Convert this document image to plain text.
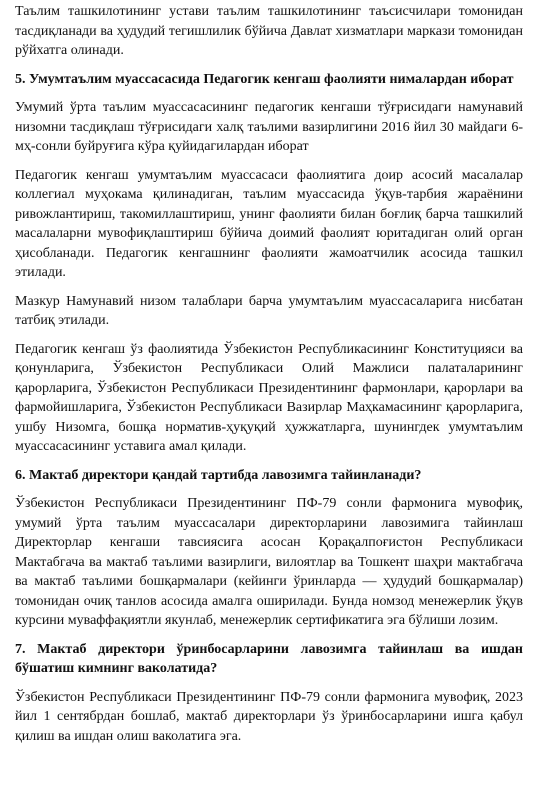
Таълим ташкилотининг устави таълим ташкилотининг таъсисчилари томонидан тасдиқланади ва ҳудудий тегишлилик бўйича Давлат хизматлари маркази томонидан рўйхатга олинади.

5. Умумтаълим муассасасида Педагогик кенгаш фаолияти нималардан иборат

Умумий ўрта таълим муассасасининг педагогик кенгаши тўғрисидаги намунавий низомни тасдиқлаш тўғрисидаги халқ таълими вазирлигини 2016 йил 30 майдаги 6-мҳ-сонли буйруғига кўра қуйидагилардан иборат

Педагогик кенгаш умумтаълим муассасаси фаолиятига доир асосий масалалар коллегиал муҳокама қилинадиган, таълим муассасида ўқув-тарбия жараёнини ривожлантириш, такомиллаштириш, унинг фаолияти билан боғлиқ барча ташкилий масалаларни мувофиқлаштириш бўйича доимий фаолият юритадиган олий орган ҳисобланади. Педагогик кенгашнинг фаолияти жамоатчилик асосида ташкил этилади.

Мазкур Намунавий низом талаблари барча умумтаълим муассасаларига нисбатан татбиқ этилади.

Педагогик кенгаш ўз фаолиятида Ўзбекистон Республикасининг Конституцияси ва қонунларига, Ўзбекистон Республикаси Олий Мажлиси палаталарининг қарорларига, Ўзбекистон Республикаси Президентининг фармонлари, қарорлари ва фармойишларига, Ўзбекистон Республикаси Вазирлар Маҳкамасининг қарорларига, ушбу Низомга, бошқа норматив-ҳуқуқий ҳужжатларга, шунингдек умумтаълим муассасасининг уставига амал қилади.

6. Мактаб директори қандай тартибда лавозимга тайинланади?

Ўзбекистон Республикаси Президентининг ПФ-79 сонли фармонига мувофиқ, умумий ўрта таълим муассасалари директорларини лавозимига тайинлаш Директорлар кенгаши тавсиясига асосан Қорақалпоғистон Республикаси Мактабгача ва мактаб таълими вазирлиги, вилоятлар ва Тошкент шаҳри мактабгача ва мактаб таълими бошқармалари (кейинги ўринларда — ҳудудий бошқармалар) томонидан очиқ танлов асосида амалга оширилади. Бунда номзод менежерлик ўқув курсини муваффақиятли якунлаб, менежерлик сертификатига эга бўлиши лозим.

7. Мактаб директори ўринбосарларини лавозимга тайинлаш ва ишдан бўшатиш кимнинг ваколатида?

Ўзбекистон Республикаси Президентининг ПФ-79 сонли фармонига мувофиқ, 2023 йил 1 сентябрдан бошлаб, мактаб директорлари ўз ўринбосарларини ишга қабул қилиш ва ишдан олиш ваколатига эга.
